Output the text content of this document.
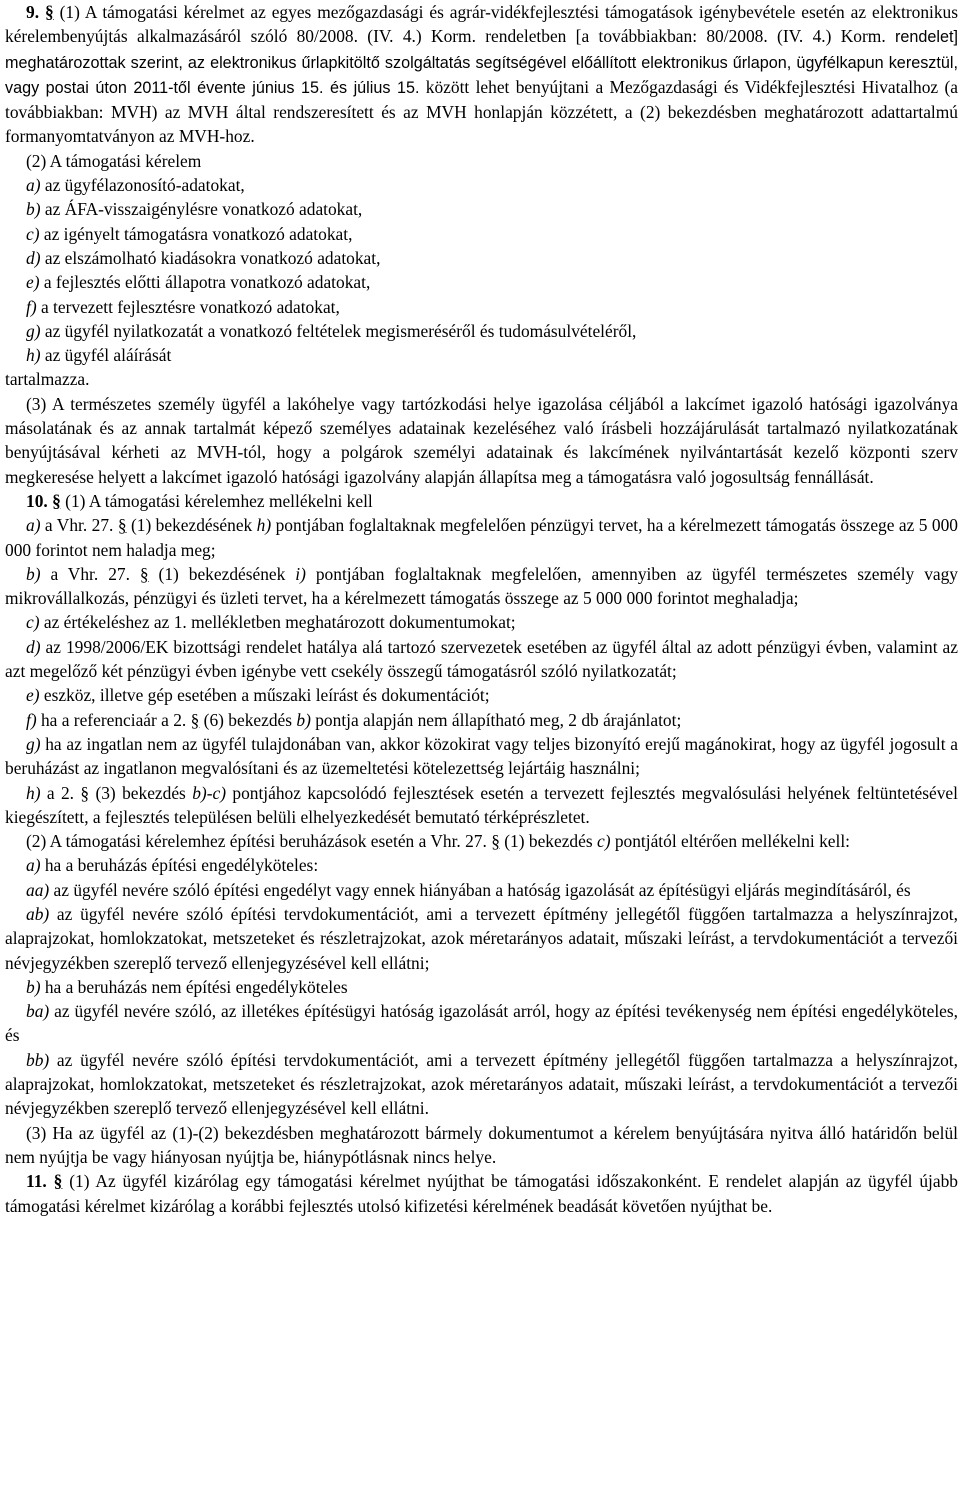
9. § (1) A támogatási kérelmet az egyes mezőgazdasági és agrár-vidékfejlesztési támogatások igénybevétele esetén az elektronikus kérelembenyújtás alkalmazásáról szóló 80/2008. (IV. 4.) Korm. rendeletben [a továbbiakban: 80/2008. (IV. 4.) Korm. rendelet] meghatározottak szerint, az elektronikus űrlapkitöltő szolgáltatás segítségével előállított elektronikus űrlapon, ügyfélkapun keresztül, vagy postai úton 2011-től évente június 15. és július 15. között lehet benyújtani a Mezőgazdasági és Vidékfejlesztési Hivatalhoz (a továbbiakban: MVH) az MVH által rendszeresített és az MVH honlapján közzétett, a (2) bekezdésben meghatározott adattartalmú formanyomtatványon az MVH-hoz.

(2) A támogatási kérelem

a) az ügyfélazonosító-adatokat,

b) az ÁFA-visszaigénylésre vonatkozó adatokat,

c) az igényelt támogatásra vonatkozó adatokat,

d) az elszámolható kiadásokra vonatkozó adatokat,

e) a fejlesztés előtti állapotra vonatkozó adatokat,

f) a tervezett fejlesztésre vonatkozó adatokat,

g) az ügyfél nyilatkozatát a vonatkozó feltételek megismeréséről és tudomásulvételéről,

h) az ügyfél aláírását

tartalmazza.

(3) A természetes személy ügyfél a lakóhelye vagy tartózkodási helye igazolása céljából a lakcímet igazoló hatósági igazolványa másolatának és az annak tartalmát képező személyes adatainak kezeléséhez való írásbeli hozzájárulását tartalmazó nyilatkozatának benyújtásával kérheti az MVH-tól, hogy a polgárok személyi adatainak és lakcímének nyilvántartását kezelő központi szerv megkeresése helyett a lakcímet igazoló hatósági igazolvány alapján állapítsa meg a támogatásra való jogosultság fennállását.

10. § (1) A támogatási kérelemhez mellékelni kell

a) a Vhr. 27. § (1) bekezdésének h) pontjában foglaltaknak megfelelően pénzügyi tervet, ha a kérelmezett támogatás összege az 5 000 000 forintot nem haladja meg;

b) a Vhr. 27. § (1) bekezdésének i) pontjában foglaltaknak megfelelően, amennyiben az ügyfél természetes személy vagy mikrovállalkozás, pénzügyi és üzleti tervet, ha a kérelmezett támogatás összege az 5 000 000 forintot meghaladja;

c) az értékeléshez az 1. mellékletben meghatározott dokumentumokat;

d) az 1998/2006/EK bizottsági rendelet hatálya alá tartozó szervezetek esetében az ügyfél által az adott pénzügyi évben, valamint az azt megelőző két pénzügyi évben igénybe vett csekély összegű támogatásról szóló nyilatkozatát;

e) eszköz, illetve gép esetében a műszaki leírást és dokumentációt;

f) ha a referenciaár a 2. § (6) bekezdés b) pontja alapján nem állapítható meg, 2 db árajánlatot;

g) ha az ingatlan nem az ügyfél tulajdonában van, akkor közokirat vagy teljes bizonyító erejű magánokirat, hogy az ügyfél jogosult a beruházást az ingatlanon megvalósítani és az üzemeltetési kötelezettség lejártáig használni;

h) a 2. § (3) bekezdés b)-c) pontjához kapcsolódó fejlesztések esetén a tervezett fejlesztés megvalósulási helyének feltüntetésével kiegészített, a fejlesztés településen belüli elhelyezkedését bemutató térképrészletet.

(2) A támogatási kérelemhez építési beruházások esetén a Vhr. 27. § (1) bekezdés c) pontjától eltérően mellékelni kell:

a) ha a beruházás építési engedélyköteles:

aa) az ügyfél nevére szóló építési engedélyt vagy ennek hiányában a hatóság igazolását az építésügyi eljárás megindításáról, és

ab) az ügyfél nevére szóló építési tervdokumentációt, ami a tervezett építmény jellegétől függően tartalmazza a helyszínrajzot, alaprajzokat, homlokzatokat, metszeteket és részletrajzokat, azok méretarányos adatait, műszaki leírást, a tervdokumentációt a tervezői névjegyzékben szereplő tervező ellenjegyzésével kell ellátni;

b) ha a beruházás nem építési engedélyköteles

ba) az ügyfél nevére szóló, az illetékes építésügyi hatóság igazolását arról, hogy az építési tevékenység nem építési engedélyköteles, és

bb) az ügyfél nevére szóló építési tervdokumentációt, ami a tervezett építmény jellegétől függően tartalmazza a helyszínrajzot, alaprajzokat, homlokzatokat, metszeteket és részletrajzokat, azok méretarányos adatait, műszaki leírást, a tervdokumentációt a tervezői névjegyzékben szereplő tervező ellenjegyzésével kell ellátni.

(3) Ha az ügyfél az (1)-(2) bekezdésben meghatározott bármely dokumentumot a kérelem benyújtására nyitva álló határidőn belül nem nyújtja be vagy hiányosan nyújtja be, hiánypótlásnak nincs helye.

11. § (1) Az ügyfél kizárólag egy támogatási kérelmet nyújthat be támogatási időszakonként. E rendelet alapján az ügyfél újabb támogatási kérelmet kizárólag a korábbi fejlesztés utolsó kifizetési kérelmének beadását követően nyújthat be.
